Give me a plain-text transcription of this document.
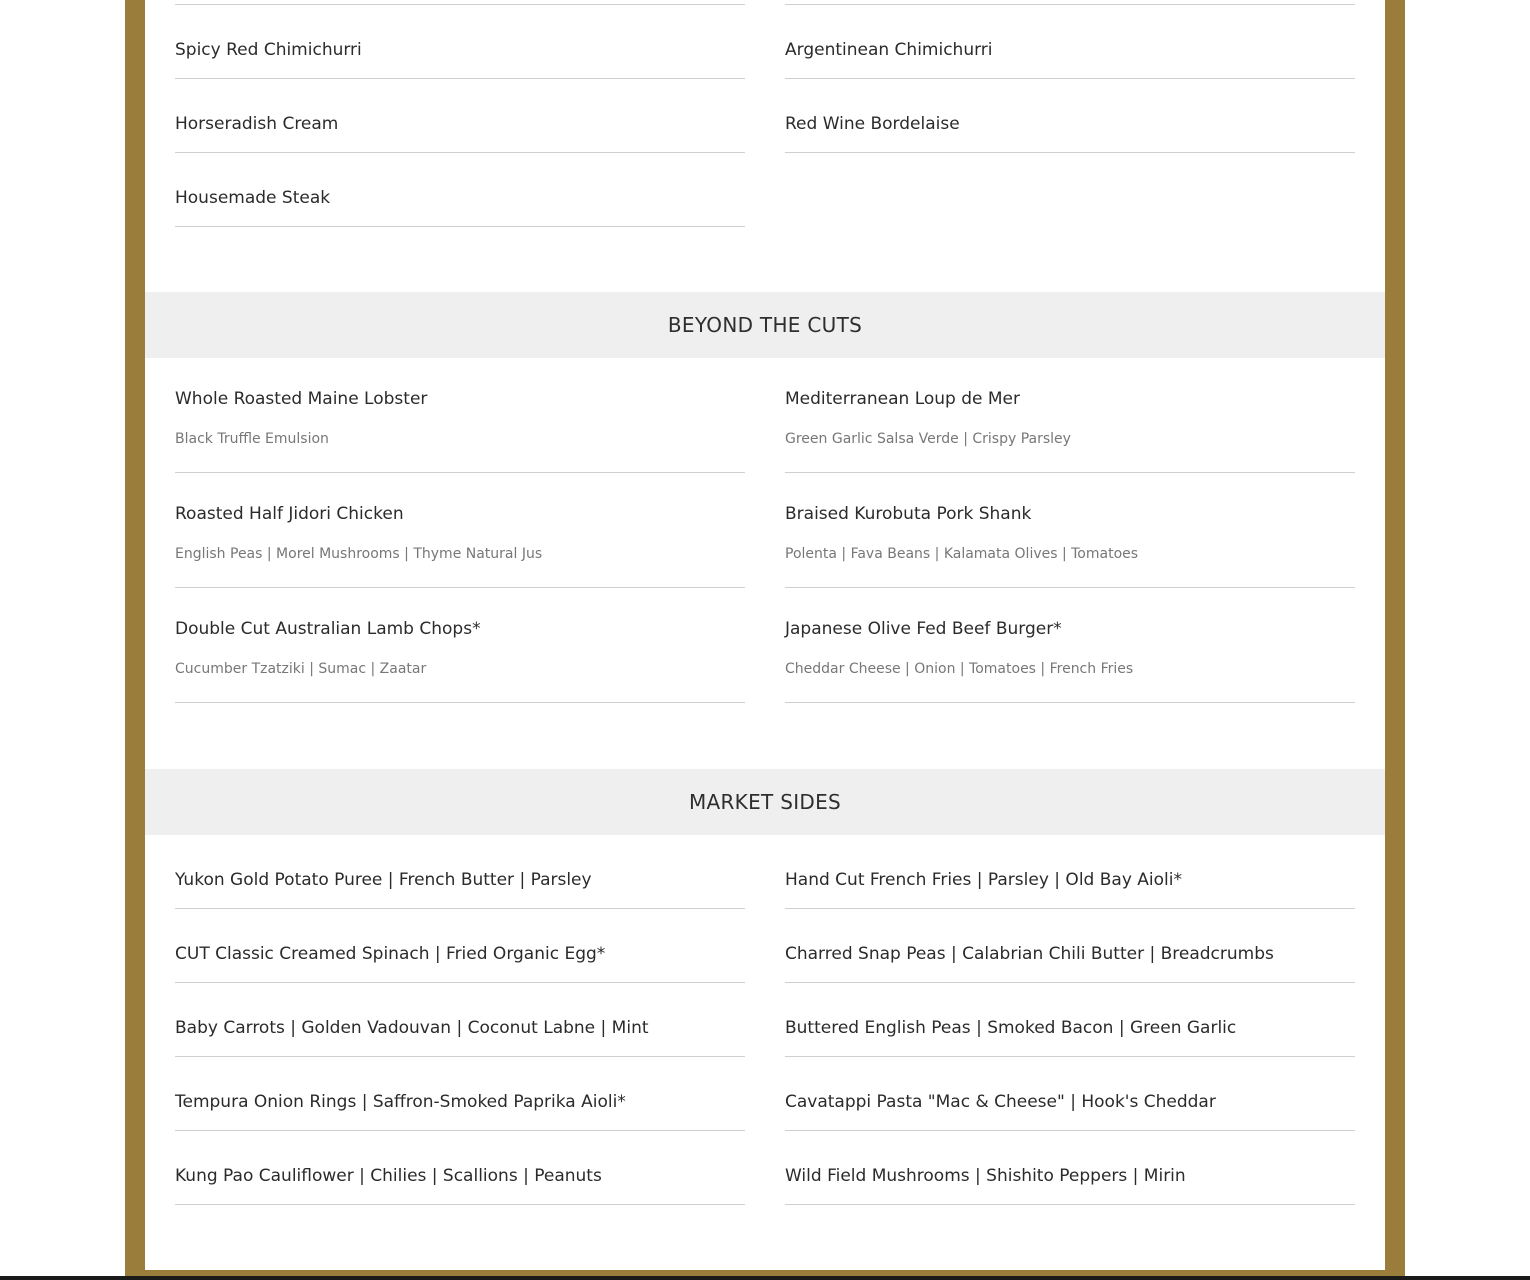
Spicy Red Chimichurri
Horseradish Cream
Housemade Steak
Argentinean Chimichurri
Red Wine Bordelaise
BEYOND THE CUTS
Whole Roasted Maine Lobster
Black Truffle Emulsion
Roasted Half Jidori Chicken
English Peas | Morel Mushrooms | Thyme Natural Jus
Double Cut Australian Lamb Chops*
Cucumber Tzatziki | Sumac | Zaatar
Mediterranean Loup de Mer
Green Garlic Salsa Verde | Crispy Parsley
Braised Kurobuta Pork Shank
Polenta | Fava Beans | Kalamata Olives | Tomatoes
Japanese Olive Fed Beef Burger*
Cheddar Cheese | Onion | Tomatoes | French Fries
MARKET SIDES
Yukon Gold Potato Puree | French Butter | Parsley
CUT Classic Creamed Spinach | Fried Organic Egg*
Baby Carrots | Golden Vadouvan | Coconut Labne | Mint
Tempura Onion Rings | Saffron-Smoked Paprika Aioli*
Kung Pao Cauliflower | Chilies | Scallions | Peanuts
Hand Cut French Fries | Parsley | Old Bay Aioli*
Charred Snap Peas | Calabrian Chili Butter | Breadcrumbs
Buttered English Peas | Smoked Bacon | Green Garlic
Cavatappi Pasta "Mac & Cheese" | Hook's Cheddar
Wild Field Mushrooms | Shishito Peppers | Mirin
